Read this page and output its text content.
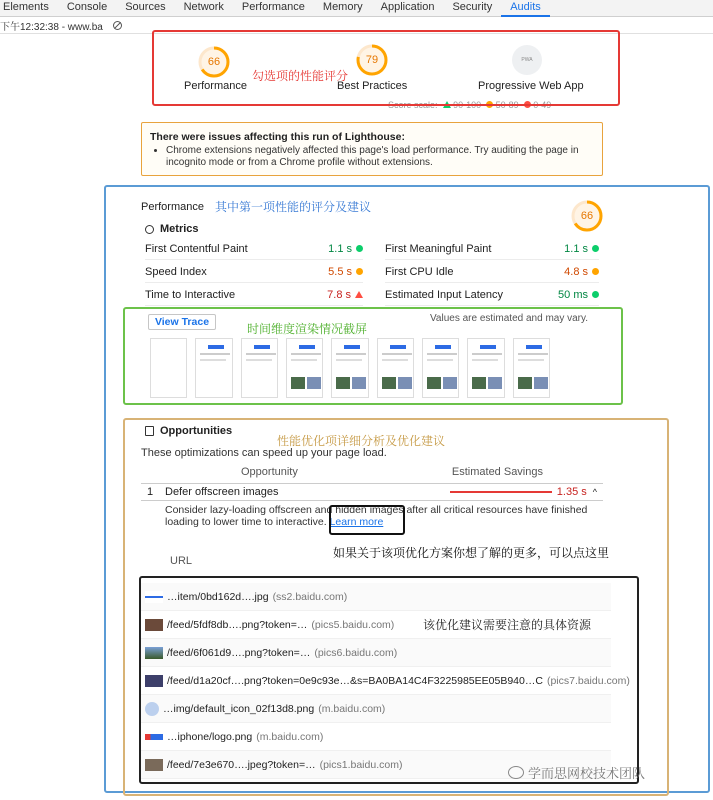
Elements	Console	Sources	Network	Performance	Memory	Application	Security	Audits
下午12:32:38 - www.ba
66
Performance
79
Best Practices
PWA
Progressive Web App
Score scale: 90-100 50-89 0-49
There were issues affecting this run of Lighthouse:
Chrome extensions negatively affected this page's load performance. Try auditing the page in incognito mode or from a Chrome profile without extensions.
Performance
66
Metrics
First Contentful Paint	1.1 s	First Meaningful Paint	1.1 s
Speed Index	5.5 s	First CPU Idle	4.8 s
Time to Interactive	7.8 s	Estimated Input Latency	50 ms
View Trace	Values are estimated and may vary.
Opportunities
These optimizations can speed up your page load.
Opportunity	Estimated Savings
1	Defer offscreen images	1.35 s ^
Consider lazy-loading offscreen and hidden images after all critical resources have finished loading to lower time to interactive. Learn more
URL
…item/0bd162d….jpg (ss2.baidu.com)
/feed/5fdf8db….png?token=… (pics5.baidu.com)
/feed/6f061d9….png?token=… (pics6.baidu.com)
/feed/d1a20cf….png?token=0e9c93e…&s=BA0BA14C4F3225985EE05B940…C (pics7.baidu.com)
…img/default_icon_02f13d8.png (m.baidu.com)
…iphone/logo.png (m.baidu.com)
/feed/7e3e670….jpeg?token=… (pics1.baidu.com)
勾选项的性能评分
其中第一项性能的评分及建议
时间维度渲染情况截屏
性能优化项详细分析及优化建议
如果关于该项优化方案你想了解的更多，可以点这里
该优化建议需要注意的具体资源
学而思网校技术团队
